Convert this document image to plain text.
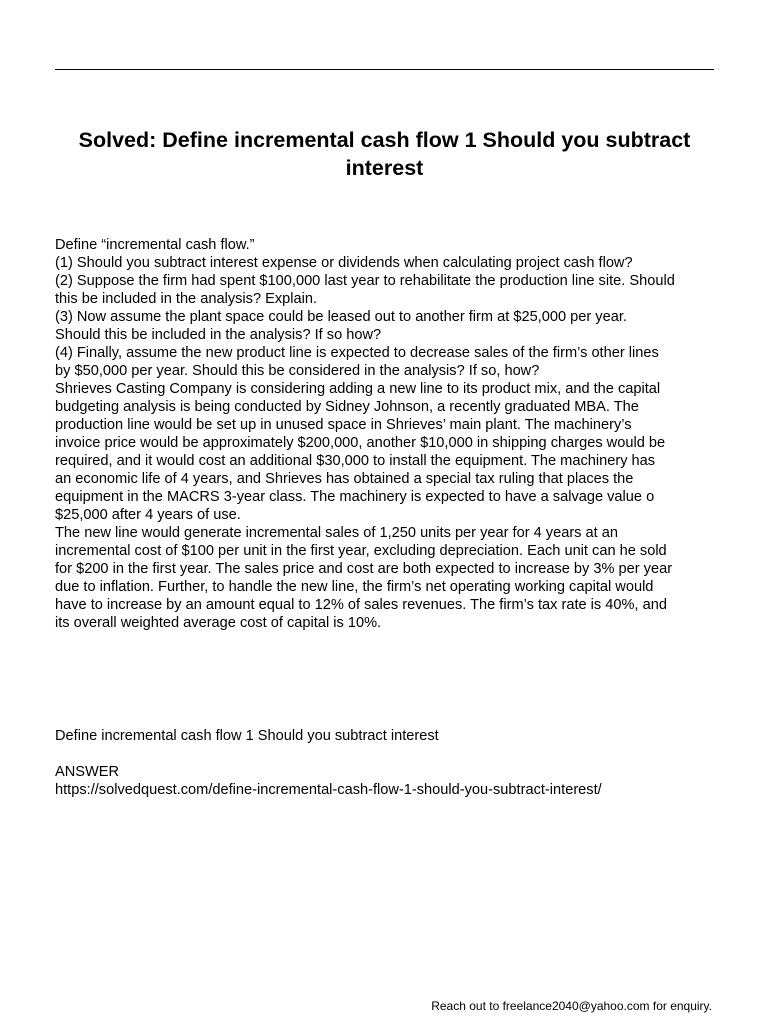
Solved: Define incremental cash flow 1 Should you subtract interest
Define “incremental cash flow.”
(1) Should you subtract interest expense or dividends when calculating project cash flow?
(2) Suppose the firm had spent $100,000 last year to rehabilitate the production line site. Should
this be included in the analysis? Explain.
(3) Now assume the plant space could be leased out to another firm at $25,000 per year.
Should this be included in the analysis? If so how?
(4) Finally, assume the new product line is expected to decrease sales of the firm’s other lines
by $50,000 per year. Should this be considered in the analysis? If so, how?
Shrieves Casting Company is considering adding a new line to its product mix, and the capital
budgeting analysis is being conducted by Sidney Johnson, a recently graduated MBA. The
production line would be set up in unused space in Shrieves’ main plant. The machinery’s
invoice price would be approximately $200,000, another $10,000 in shipping charges would be
required, and it would cost an additional $30,000 to install the equipment. The machinery has
an economic life of 4 years, and Shrieves has obtained a special tax ruling that places the
equipment in the MACRS 3-year class. The machinery is expected to have a salvage value o
$25,000 after 4 years of use.
The new line would generate incremental sales of 1,250 units per year for 4 years at an
incremental cost of $100 per unit in the first year, excluding depreciation. Each unit can he sold
for $200 in the first year. The sales price and cost are both expected to increase by 3% per year
due to inflation. Further, to handle the new line, the firm’s net operating working capital would
have to increase by an amount equal to 12% of sales revenues. The firm’s tax rate is 40%, and
its overall weighted average cost of capital is 10%.
Define incremental cash flow 1 Should you subtract interest
ANSWER
https://solvedquest.com/define-incremental-cash-flow-1-should-you-subtract-interest/
Reach out to freelance2040@yahoo.com for enquiry.
